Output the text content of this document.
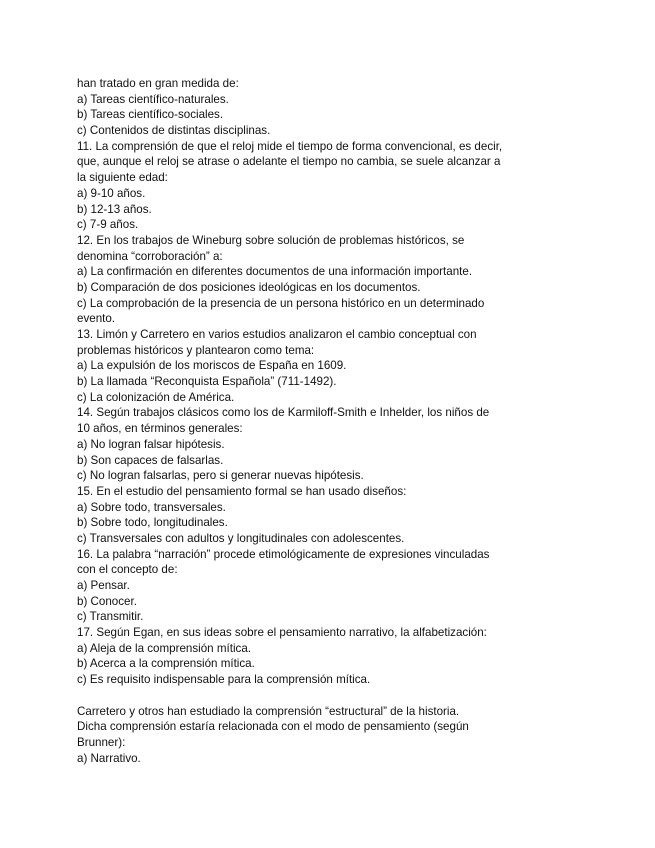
han tratado en gran medida de:
a) Tareas científico-naturales.
b) Tareas científico-sociales.
c) Contenidos de distintas disciplinas.
11. La comprensión de que el reloj mide el tiempo de forma convencional, es decir,
que, aunque el reloj se atrase o adelante el tiempo no cambia, se suele alcanzar a
la siguiente edad:
a) 9-10 años.
b) 12-13 años.
c) 7-9 años.
12. En los trabajos de Wineburg sobre solución de problemas históricos, se
denomina “corroboración” a:
a) La confirmación en diferentes documentos de una información importante.
b) Comparación de dos posiciones ideológicas en los documentos.
c) La comprobación de la presencia de un persona histórico en un determinado
evento.
13. Limón y Carretero en varios estudios analizaron el cambio conceptual con
problemas históricos y plantearon como tema:
a) La expulsión de los moriscos de España en 1609.
b) La llamada “Reconquista Española” (711-1492).
c) La colonización de América.
14. Según trabajos clásicos como los de Karmiloff-Smith e Inhelder, los niños de
10 años, en términos generales:
a) No logran falsar hipótesis.
b) Son capaces de falsarlas.
c) No logran falsarlas, pero si generar nuevas hipótesis.
15. En el estudio del pensamiento formal se han usado diseños:
a) Sobre todo, transversales.
b) Sobre todo, longitudinales.
c) Transversales con adultos y longitudinales con adolescentes.
16. La palabra “narración” procede etimológicamente de expresiones vinculadas
con el concepto de:
a) Pensar.
b) Conocer.
c) Transmitir.
17. Según Egan, en sus ideas sobre el pensamiento narrativo, la alfabetización:
a) Aleja de la comprensión mítica.
b) Acerca a la comprensión mítica.
c) Es requisito indispensable para la comprensión mítica.
Carretero y otros han estudiado la comprensión “estructural” de la historia.
Dicha comprensión estaría relacionada con el modo de pensamiento (según
Brunner):
a) Narrativo.
